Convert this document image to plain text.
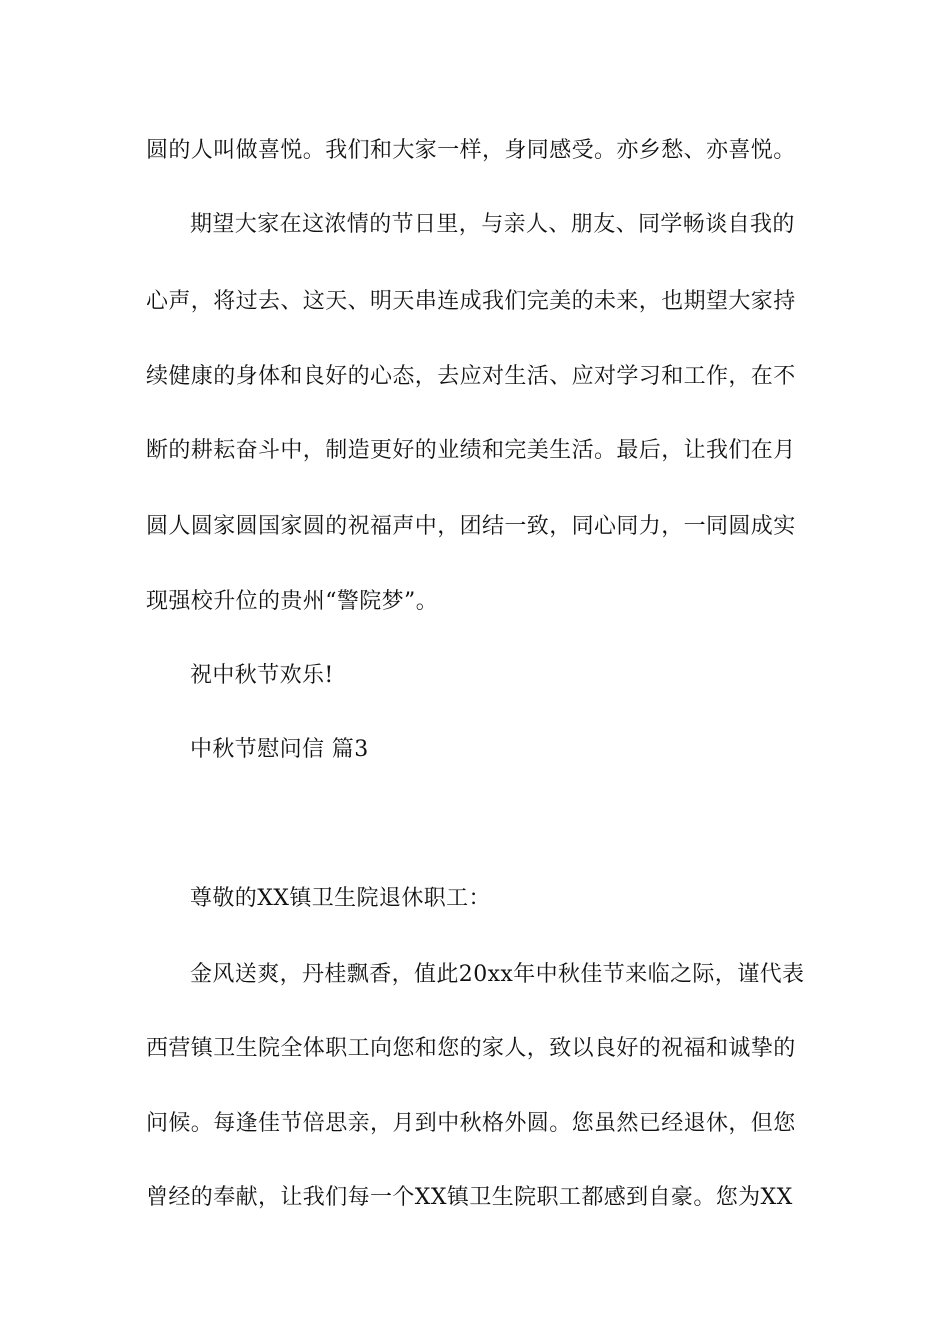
圆的人叫做喜悦。我们和大家一样，身同感受。亦乡愁、亦喜悦。
期望大家在这浓情的节日里，与亲人、朋友、同学畅谈自我的
心声，将过去、这天、明天串连成我们完美的未来，也期望大家持
续健康的身体和良好的心态，去应对生活、应对学习和工作，在不
断的耕耘奋斗中，制造更好的业绩和完美生活。最后，让我们在月
圆人圆家圆国家圆的祝福声中，团结一致，同心同力，一同圆成实
现强校升位的贵州“警院梦”。
祝中秋节欢乐!
中秋节慰问信 篇3
尊敬的XX镇卫生院退休职工：
金风送爽，丹桂飘香，值此20xx年中秋佳节来临之际，谨代表
西营镇卫生院全体职工向您和您的家人，致以良好的祝福和诚挚的
问候。每逢佳节倍思亲，月到中秋格外圆。您虽然已经退休，但您
曾经的奉献，让我们每一个XX镇卫生院职工都感到自豪。您为XX
